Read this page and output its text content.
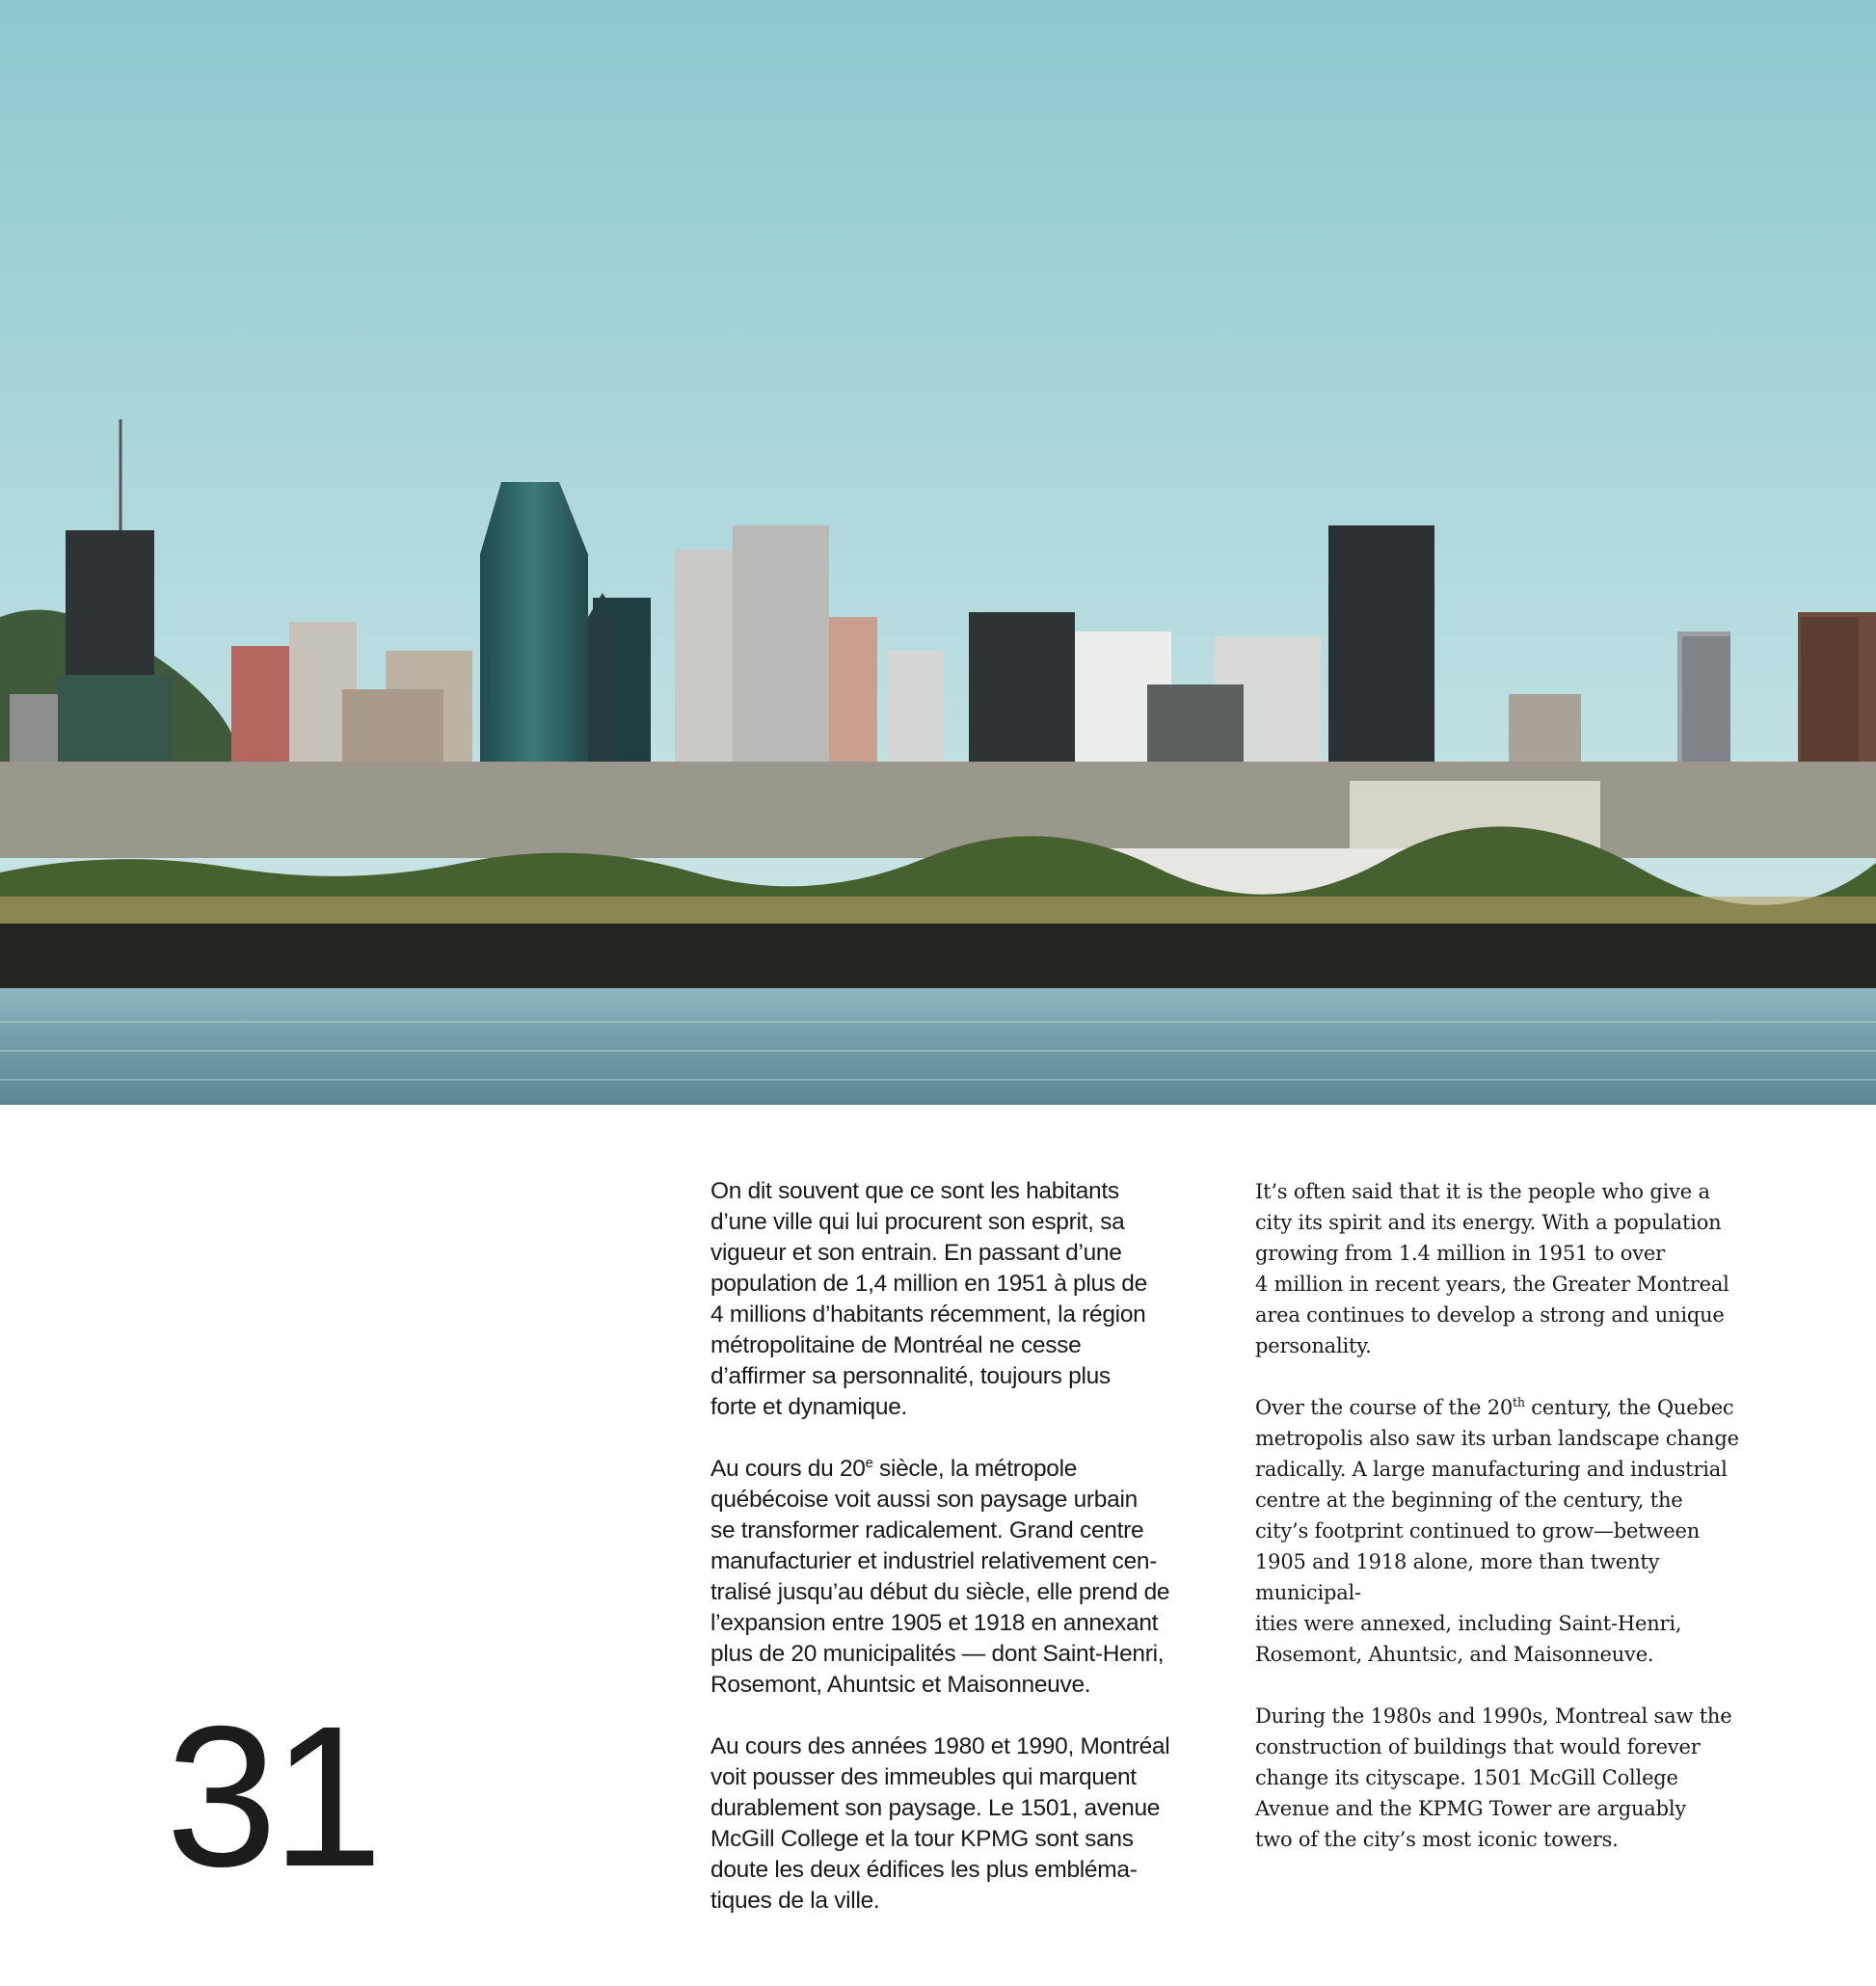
31

On dit souvent que ce sont les habitants
d’une ville qui lui procurent son esprit, sa
vigueur et son entrain. En passant d’une
population de 1,4 million en 1951 à plus de
4 millions d’habitants récemment, la région
métropolitaine de Montréal ne cesse
d’affirmer sa personnalité, toujours plus
forte et dynamique.

Au cours du 20e siècle, la métropole
québécoise voit aussi son paysage urbain
se transformer radicalement. Grand centre
manufacturier et industriel relativement cen-
tralisé jusqu’au début du siècle, elle prend de
l’expansion entre 1905 et 1918 en annexant
plus de 20 municipalités — dont Saint-Henri,
Rosemont, Ahuntsic et Maisonneuve.

Au cours des années 1980 et 1990, Montréal
voit pousser des immeubles qui marquent
durablement son paysage. Le 1501, avenue
McGill College et la tour KPMG sont sans
doute les deux édifices les plus embléma-
tiques de la ville.

It’s often said that it is the people who give a
city its spirit and its energy. With a population
growing from 1.4 million in 1951 to over
4 million in recent years, the Greater Montreal
area continues to develop a strong and unique
personality.

Over the course of the 20th century, the Quebec
metropolis also saw its urban landscape change
radically. A large manufacturing and industrial
centre at the beginning of the century, the
city’s footprint continued to grow—between
1905 and 1918 alone, more than twenty municipal-
ities were annexed, including Saint-Henri,
Rosemont, Ahuntsic, and Maisonneuve.

During the 1980s and 1990s, Montreal saw the
construction of buildings that would forever
change its cityscape. 1501 McGill College
Avenue and the KPMG Tower are arguably
two of the city’s most iconic towers.
